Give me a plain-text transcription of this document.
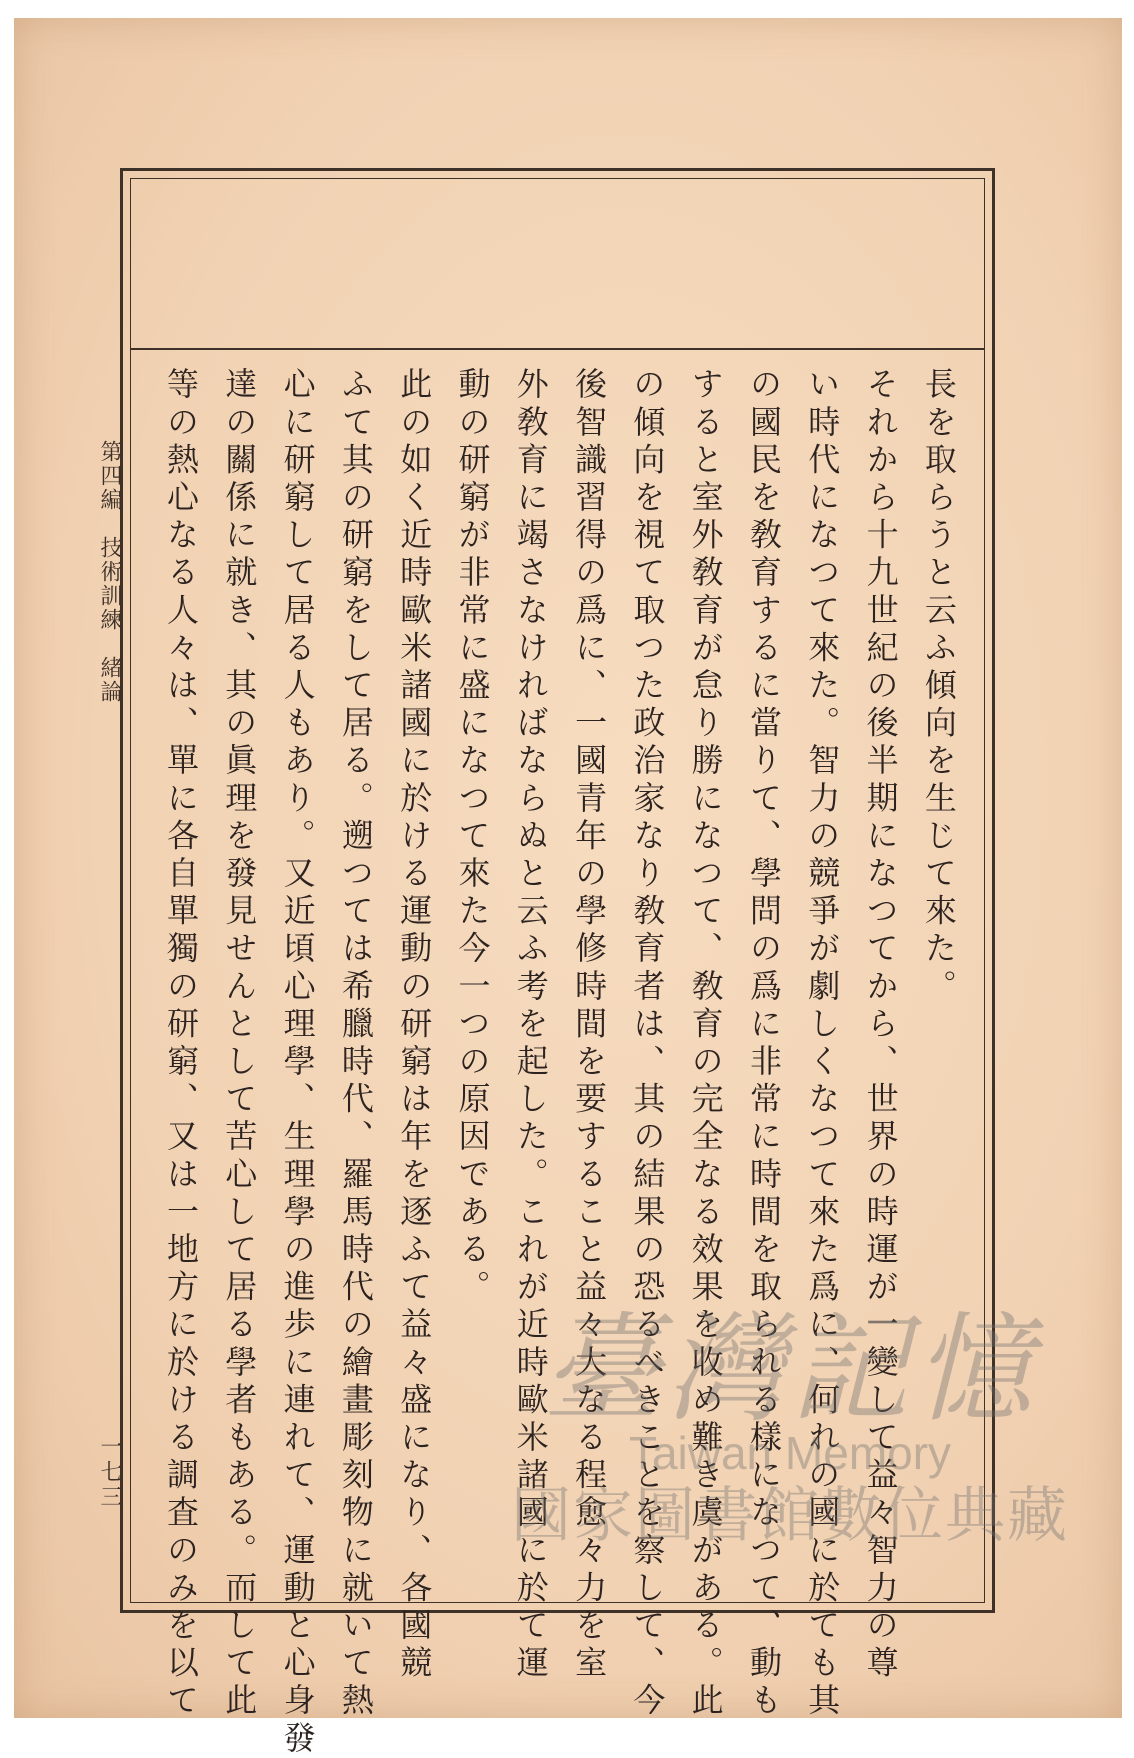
長を取らうと云ふ傾向を生じて來た。
それから十九世紀の後半期になつてから、世界の時運が一變して益々智力の尊
い時代になつて來た。智力の競爭が劇しくなつて來た爲に、何れの國に於ても其
の國民を敎育するに當りて、學問の爲に非常に時間を取られる樣になつて、動も
すると室外敎育が怠り勝になつて、敎育の完全なる效果を收め難き虞がある。此
の傾向を視て取つた政治家なり敎育者は、其の結果の恐るべきことを察して、今
後智識習得の爲に、一國青年の學修時間を要すること益々大なる程愈々力を室
外敎育に竭さなければならぬと云ふ考を起した。これが近時歐米諸國に於て運
動の研窮が非常に盛になつて來た今一つの原因である。
此の如く近時歐米諸國に於ける運動の研窮は年を逐ふて益々盛になり、各國競
ふて其の研窮をして居る。遡つては希臘時代、羅馬時代の繪畫彫刻物に就いて熱
心に研窮して居る人もあり。又近頃心理學、生理學の進歩に連れて、運動と心身發
達の關係に就き、其の眞理を發見せんとして苦心して居る學者もある。而して此
等の熱心なる人々は、單に各自單獨の研窮、又は一地方に於ける調査のみを以て
第四編　技術訓練　緒論
一七三
臺灣記憶
Taiwan Memory
國家圖書館數位典藏
